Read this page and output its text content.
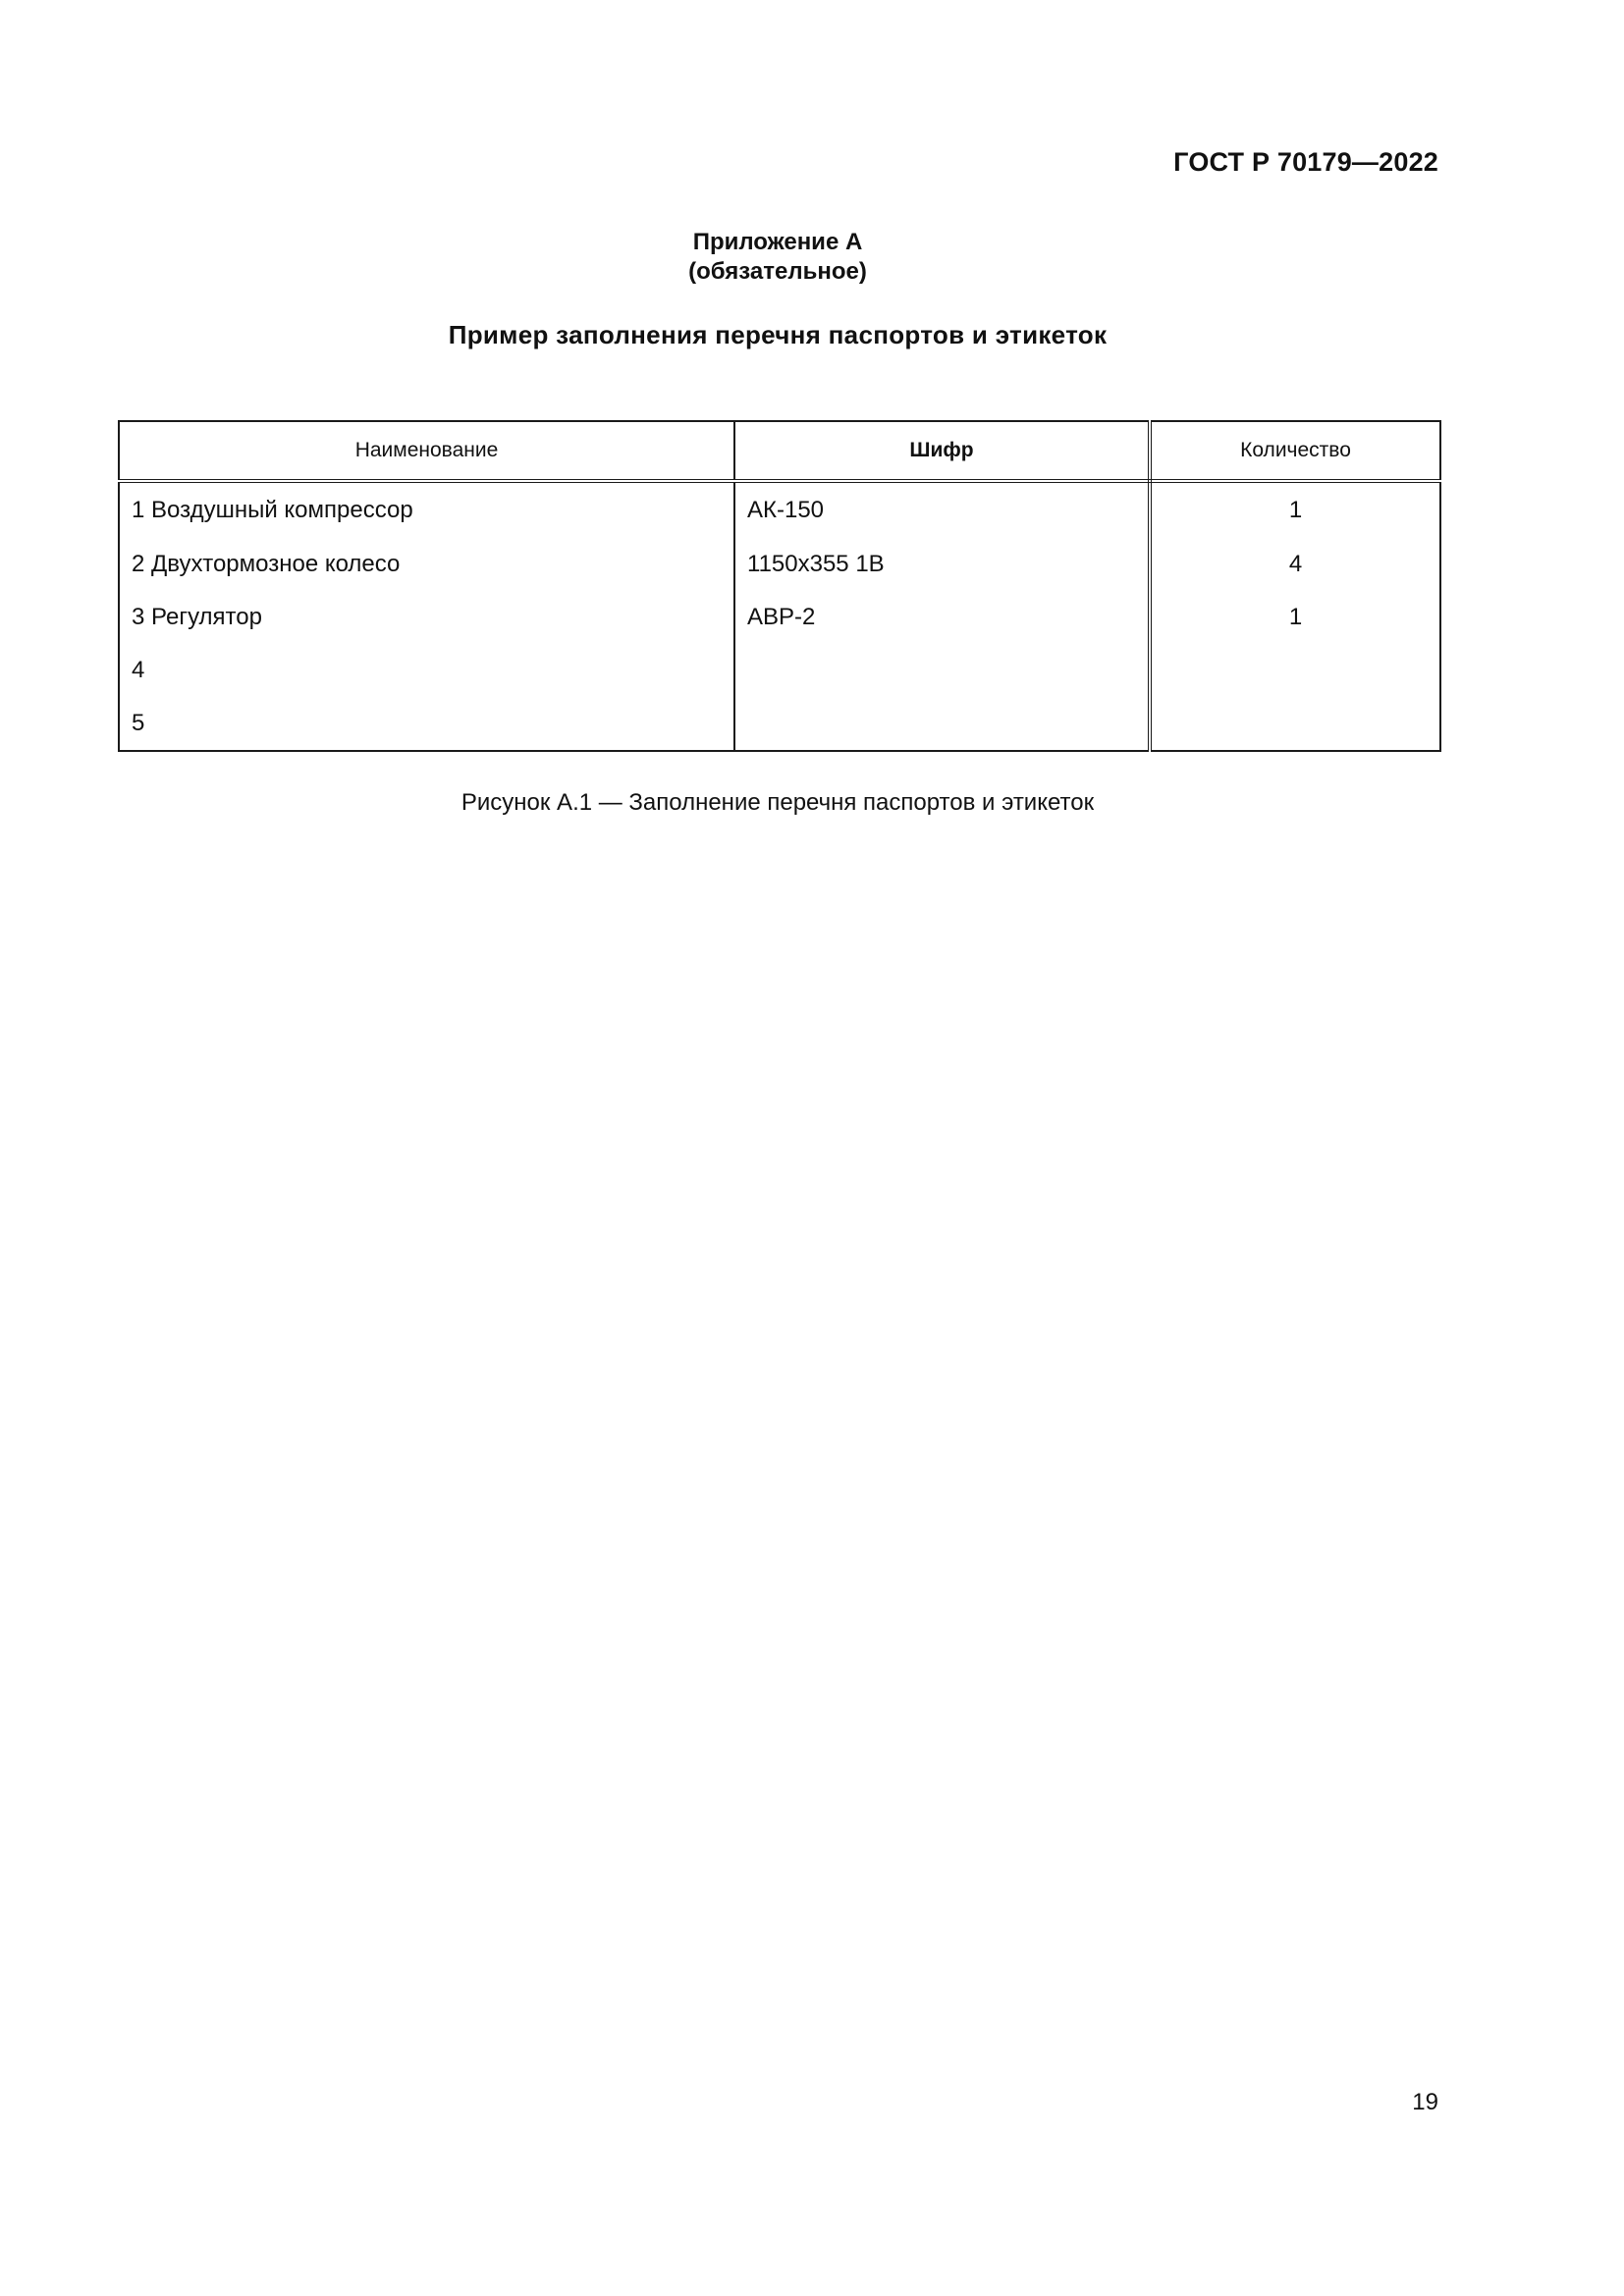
ГОСТ Р 70179—2022
Приложение А
(обязательное)
Пример заполнения перечня паспортов и этикеток
Наименование	Шифр	Количество
1 Воздушный компрессор	АК-150	1
2 Двухтормозное колесо	1150х355 1В	4
3 Регулятор	АВР-2	1
4		
5		
Рисунок А.1 — Заполнение перечня паспортов и этикеток
19
